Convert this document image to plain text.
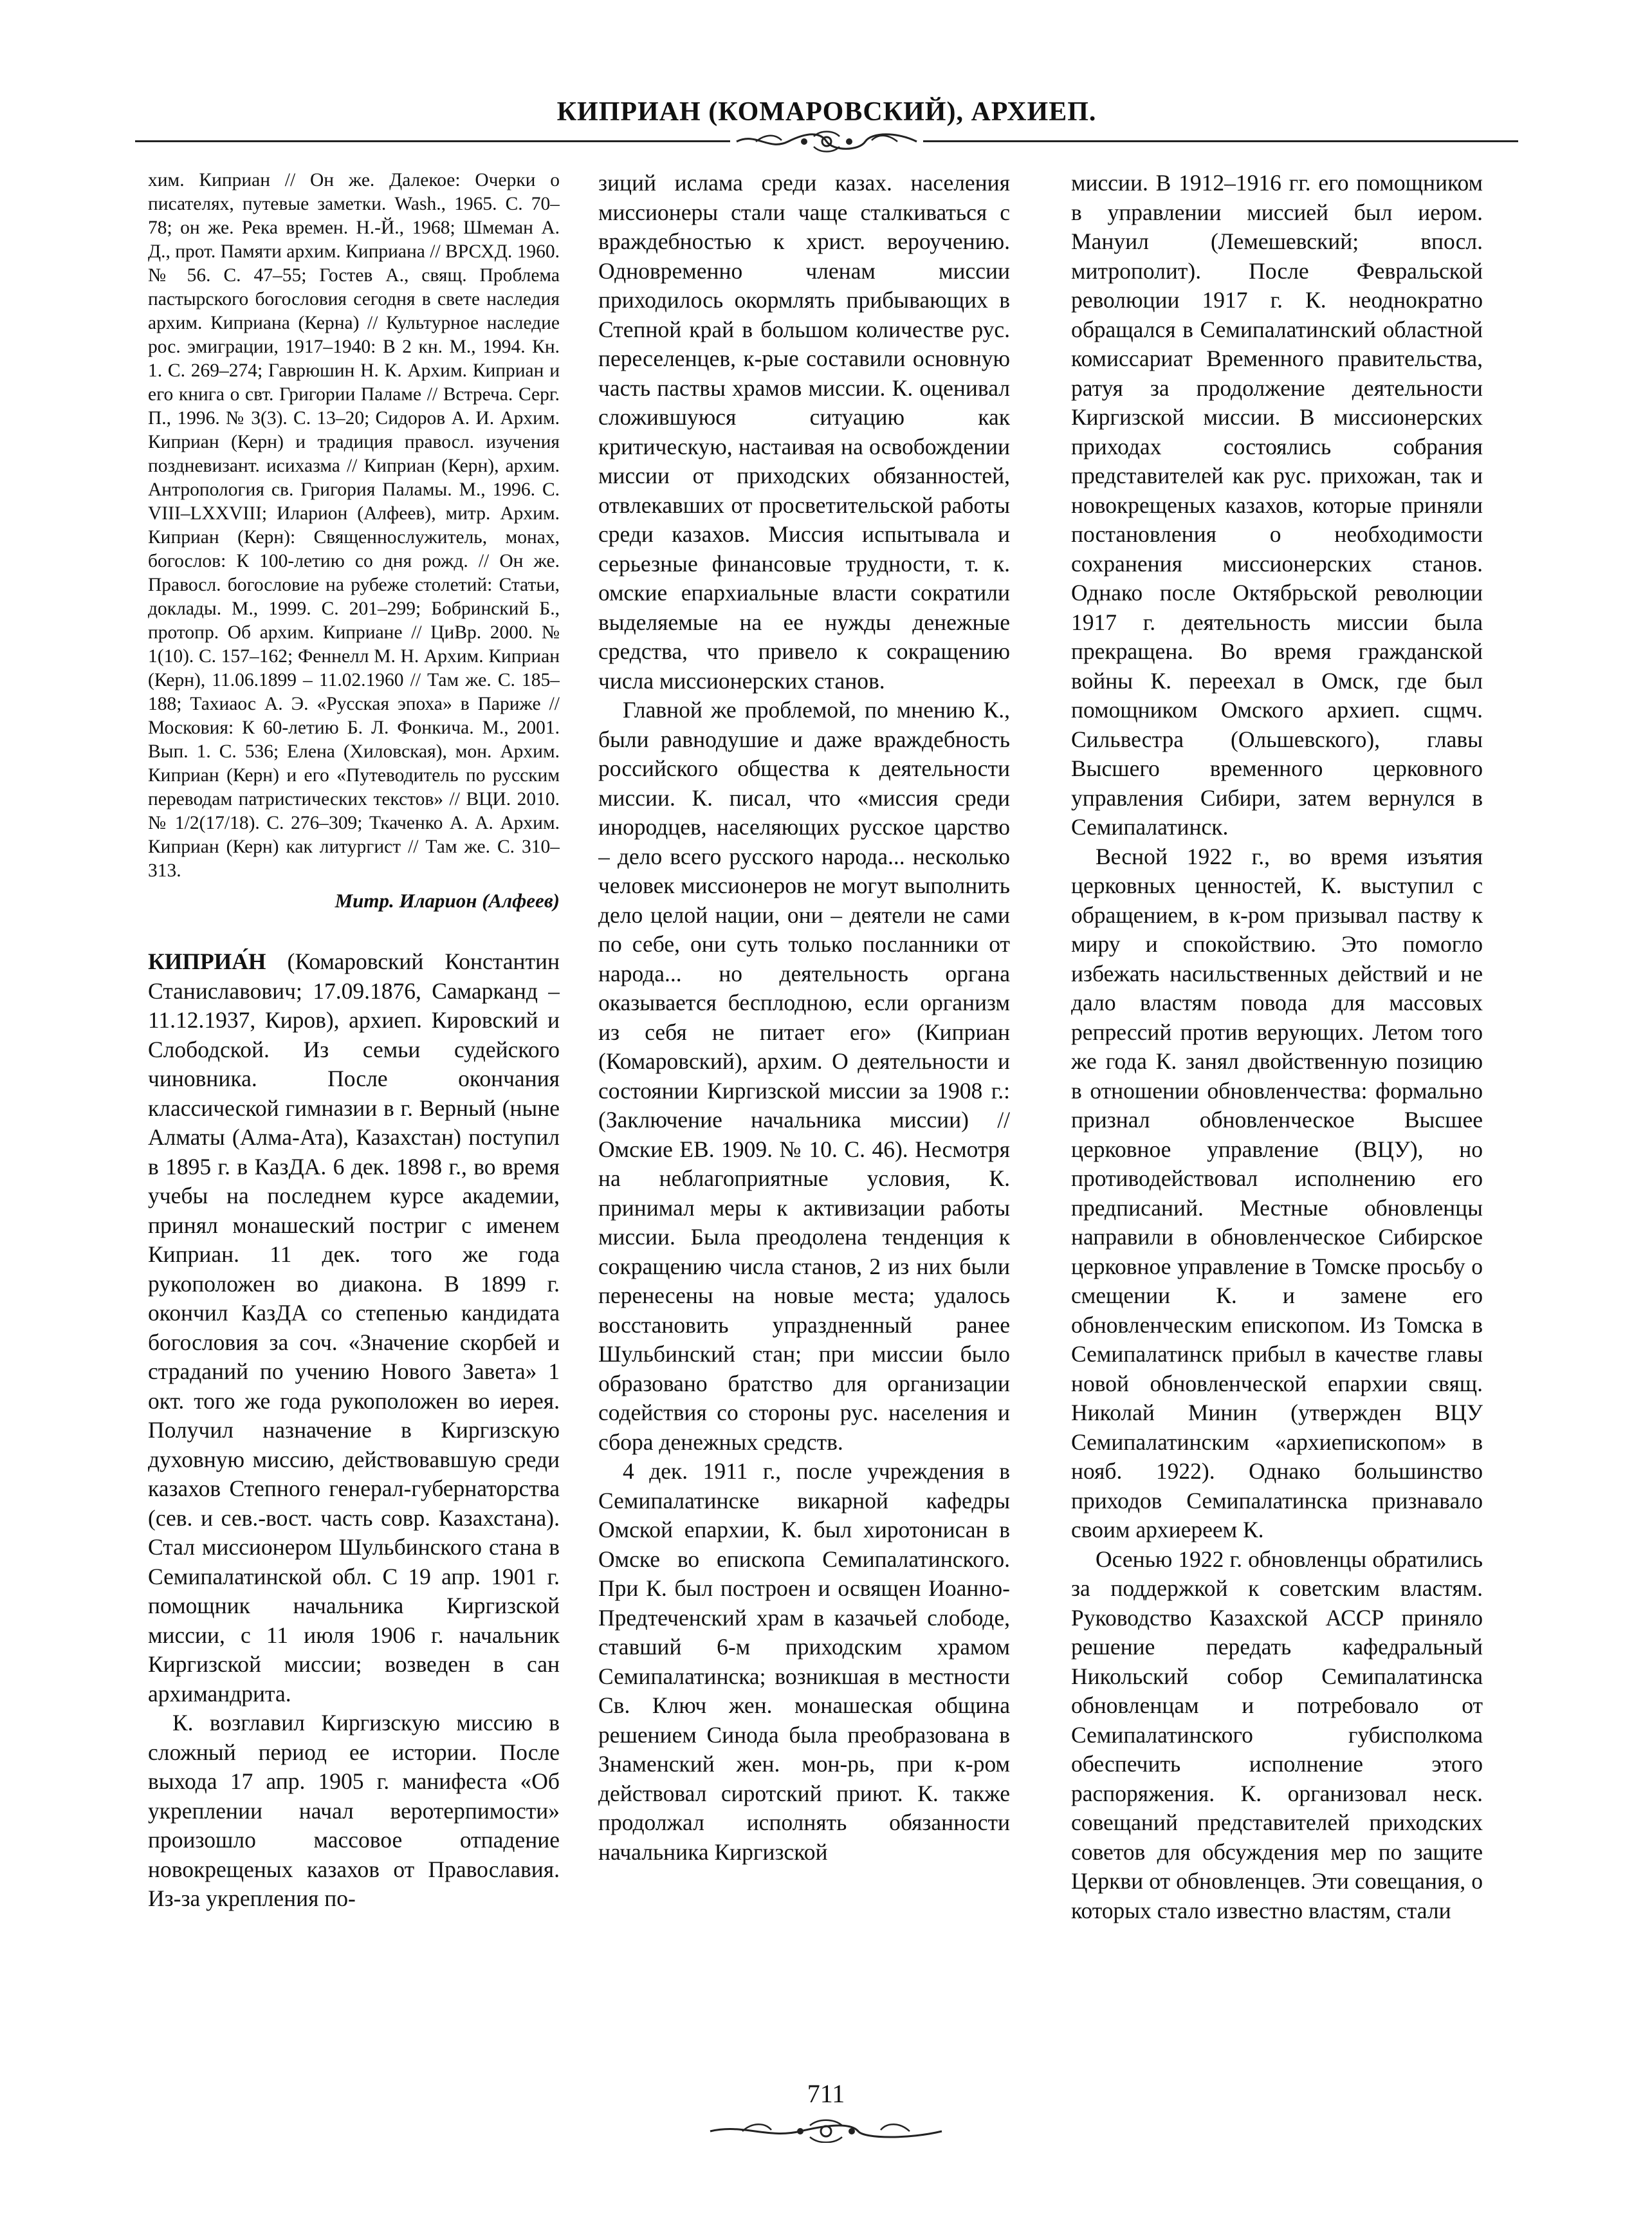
КИПРИАН (КОМАРОВСКИЙ), АРХИЕП.

хим. Киприан // Он же. Далекое: Очерки о писателях, путевые заметки. Wash., 1965. С. 70–78; он же. Река времен. Н.-Й., 1968; Шмеман А. Д., прот. Памяти архим. Киприана // ВРСХД. 1960. № 56. С. 47–55; Гостев А., свящ. Проблема пастырского богословия сегодня в свете наследия архим. Киприана (Керна) // Культурное наследие рос. эмиграции, 1917–1940: В 2 кн. М., 1994. Кн. 1. С. 269–274; Гаврюшин Н. К. Архим. Киприан и его книга о свт. Григории Паламе // Встреча. Серг. П., 1996. № 3(3). С. 13–20; Сидоров А. И. Архим. Киприан (Керн) и традиция правосл. изучения поздневизант. исихазма // Киприан (Керн), архим. Антропология св. Григория Паламы. М., 1996. С. VIII–LXXVIII; Иларион (Алфеев), митр. Архим. Киприан (Керн): Священнослужитель, монах, богослов: К 100-летию со дня рожд. // Он же. Правосл. богословие на рубеже столетий: Статьи, доклады. М., 1999. С. 201–299; Бобринский Б., протопр. Об архим. Киприане // ЦиВр. 2000. № 1(10). С. 157–162; Феннелл М. Н. Архим. Киприан (Керн), 11.06.1899 – 11.02.1960 // Там же. С. 185–188; Тахиаос А. Э. «Русская эпоха» в Париже // Московия: К 60-летию Б. Л. Фонкича. М., 2001. Вып. 1. С. 536; Елена (Хиловская), мон. Архим. Киприан (Керн) и его «Путеводитель по русским переводам патристических текстов» // ВЦИ. 2010. № 1/2(17/18). С. 276–309; Ткаченко А. А. Архим. Киприан (Керн) как литургист // Там же. С. 310–313.

Митр. Иларион (Алфеев)

КИПРИА́Н (Комаровский Константин Станиславович; 17.09.1876, Самарканд – 11.12.1937, Киров), архиеп. Кировский и Слободской. Из семьи судейского чиновника. После окончания классической гимназии в г. Верный (ныне Алматы (Алма-Ата), Казахстан) поступил в 1895 г. в КазДА. 6 дек. 1898 г., во время учебы на последнем курсе академии, принял монашеский постриг с именем Киприан. 11 дек. того же года рукоположен во диакона. В 1899 г. окончил КазДА со степенью кандидата богословия за соч. «Значение скорбей и страданий по учению Нового Завета» 1 окт. того же года рукоположен во иерея. Получил назначение в Киргизскую духовную миссию, действовавшую среди казахов Степного генерал-губернаторства (сев. и сев.-вост. часть совр. Казахстана). Стал миссионером Шульбинского стана в Семипалатинской обл. С 19 апр. 1901 г. помощник начальника Киргизской миссии, с 11 июля 1906 г. начальник Киргизской миссии; возведен в сан архимандрита.

К. возглавил Киргизскую миссию в сложный период ее истории. После выхода 17 апр. 1905 г. манифеста «Об укреплении начал веротерпимости» произошло массовое отпадение новокрещеных казахов от Православия. Из-за укрепления по-

зиций ислама среди казах. населения миссионеры стали чаще сталкиваться с враждебностью к христ. вероучению. Одновременно членам миссии приходилось окормлять прибывающих в Степной край в большом количестве рус. переселенцев, к-рые составили основную часть паствы храмов миссии. К. оценивал сложившуюся ситуацию как критическую, настаивая на освобождении миссии от приходских обязанностей, отвлекавших от просветительской работы среди казахов. Миссия испытывала и серьезные финансовые трудности, т. к. омские епархиальные власти сократили выделяемые на ее нужды денежные средства, что привело к сокращению числа миссионерских станов.

Главной же проблемой, по мнению К., были равнодушие и даже враждебность российского общества к деятельности миссии. К. писал, что «миссия среди инородцев, населяющих русское царство – дело всего русского народа... несколько человек миссионеров не могут выполнить дело целой нации, они – деятели не сами по себе, они суть только посланники от народа... но деятельность органа оказывается бесплодною, если организм из себя не питает его» (Киприан (Комаровский), архим. О деятельности и состоянии Киргизской миссии за 1908 г.: (Заключение начальника миссии) // Омские ЕВ. 1909. № 10. С. 46). Несмотря на неблагоприятные условия, К. принимал меры к активизации работы миссии. Была преодолена тенденция к сокращению числа станов, 2 из них были перенесены на новые места; удалось восстановить упраздненный ранее Шульбинский стан; при миссии было образовано братство для организации содействия со стороны рус. населения и сбора денежных средств.

4 дек. 1911 г., после учреждения в Семипалатинске викарной кафедры Омской епархии, К. был хиротонисан в Омске во епископа Семипалатинского. При К. был построен и освящен Иоанно-Предтеченский храм в казачьей слободе, ставший 6-м приходским храмом Семипалатинска; возникшая в местности Св. Ключ жен. монашеская община решением Синода была преобразована в Знаменский жен. мон-рь, при к-ром действовал сиротский приют. К. также продолжал исполнять обязанности начальника Киргизской

миссии. В 1912–1916 гг. его помощником в управлении миссией был иером. Мануил (Лемешевский; впосл. митрополит). После Февральской революции 1917 г. К. неоднократно обращался в Семипалатинский областной комиссариат Временного правительства, ратуя за продолжение деятельности Киргизской миссии. В миссионерских приходах состоялись собрания представителей как рус. прихожан, так и новокрещеных казахов, которые приняли постановления о необходимости сохранения миссионерских станов. Однако после Октябрьской революции 1917 г. деятельность миссии была прекращена. Во время гражданской войны К. переехал в Омск, где был помощником Омского архиеп. сщмч. Сильвестра (Ольшевского), главы Высшего временного церковного управления Сибири, затем вернулся в Семипалатинск.

Весной 1922 г., во время изъятия церковных ценностей, К. выступил с обращением, в к-ром призывал паству к миру и спокойствию. Это помогло избежать насильственных действий и не дало властям повода для массовых репрессий против верующих. Летом того же года К. занял двойственную позицию в отношении обновленчества: формально признал обновленческое Высшее церковное управление (ВЦУ), но противодействовал исполнению его предписаний. Местные обновленцы направили в обновленческое Сибирское церковное управление в Томске просьбу о смещении К. и замене его обновленческим епископом. Из Томска в Семипалатинск прибыл в качестве главы новой обновленческой епархии свящ. Николай Минин (утвержден ВЦУ Семипалатинским «архиепископом» в нояб. 1922). Однако большинство приходов Семипалатинска признавало своим архиереем К.

Осенью 1922 г. обновленцы обратились за поддержкой к советским властям. Руководство Казахской АССР приняло решение передать кафедральный Никольский собор Семипалатинска обновленцам и потребовало от Семипалатинского губисполкома обеспечить исполнение этого распоряжения. К. организовал неск. совещаний представителей приходских советов для обсуждения мер по защите Церкви от обновленцев. Эти совещания, о которых стало известно властям, стали

711
